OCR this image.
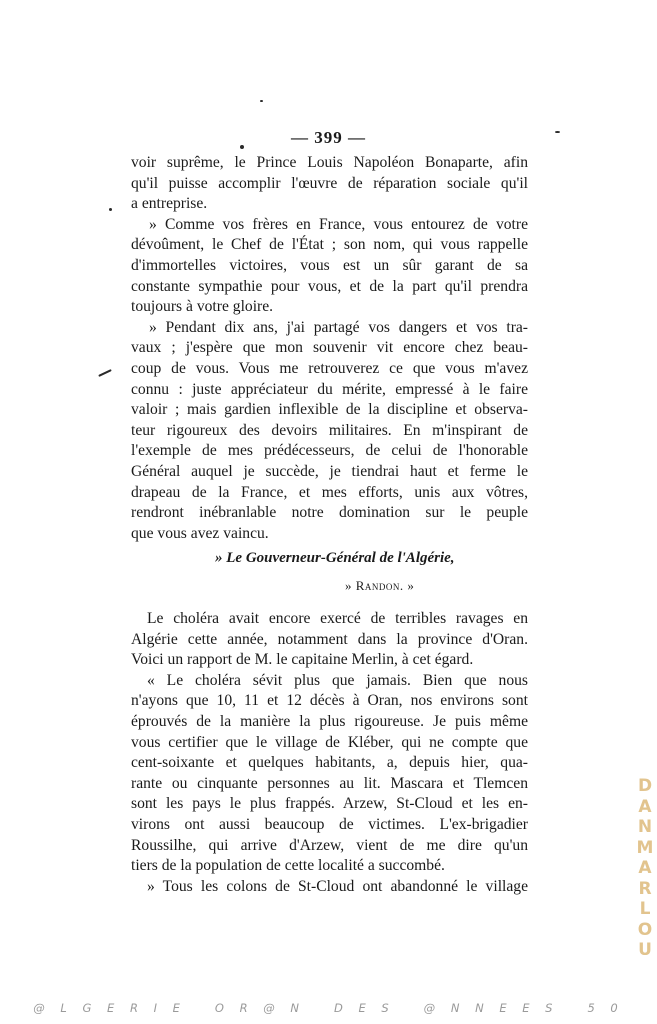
— 399 —
voir suprême, le Prince Louis Napoléon Bonaparte, afin
qu'il puisse accomplir l'œuvre de réparation sociale qu'il
a entreprise.
» Comme vos frères en France, vous entourez de votre
dévoûment, le Chef de l'État ; son nom, qui vous rappelle
d'immortelles victoires, vous est un sûr garant de sa
constante sympathie pour vous, et de la part qu'il prendra
toujours à votre gloire.
» Pendant dix ans, j'ai partagé vos dangers et vos tra-
vaux ; j'espère que mon souvenir vit encore chez beau-
coup de vous. Vous me retrouverez ce que vous m'avez
connu : juste appréciateur du mérite, empressé à le faire
valoir ; mais gardien inflexible de la discipline et observa-
teur rigoureux des devoirs militaires. En m'inspirant de
l'exemple de mes prédécesseurs, de celui de l'honorable
Général auquel je succède, je tiendrai haut et ferme le
drapeau de la France, et mes efforts, unis aux vôtres,
rendront inébranlable notre domination sur le peuple
que vous avez vaincu.
» Le Gouverneur-Général de l'Algérie,
» Randon. »
Le choléra avait encore exercé de terribles ravages en
Algérie cette année, notamment dans la province d'Oran.
Voici un rapport de M. le capitaine Merlin, à cet égard.
« Le choléra sévit plus que jamais. Bien que nous
n'ayons que 10, 11 et 12 décès à Oran, nos environs sont
éprouvés de la manière la plus rigoureuse. Je puis même
vous certifier que le village de Kléber, qui ne compte que
cent-soixante et quelques habitants, a, depuis hier, qua-
rante ou cinquante personnes au lit. Mascara et Tlemcen
sont les pays le plus frappés. Arzew, St-Cloud et les en-
virons ont aussi beaucoup de victimes. L'ex-brigadier
Roussilhe, qui arrive d'Arzew, vient de me dire qu'un
tiers de la population de cette localité a succombé.
» Tous les colons de St-Cloud ont abandonné le village
D
A
N
M
A
R
L
O
U
@ L G E R I E   O R @ N   D E S   @ N N E E S   5 0
